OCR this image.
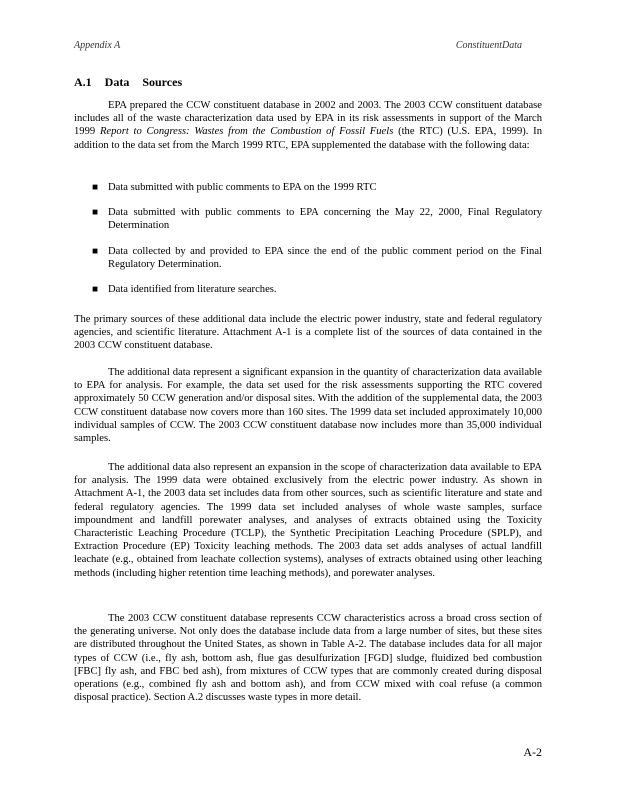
Appendix A	ConstituentData
A.1 Data Sources
EPA prepared the CCW constituent database in 2002 and 2003. The 2003 CCW constituent database includes all of the waste characterization data used by EPA in its risk assessments in support of the March 1999 Report to Congress: Wastes from the Combustion of Fossil Fuels (the RTC) (U.S. EPA, 1999). In addition to the data set from the March 1999 RTC, EPA supplemented the database with the following data:
■ Data submitted with public comments to EPA on the 1999 RTC
■ Data submitted with public comments to EPA concerning the May 22, 2000, Final Regulatory Determination
■ Data collected by and provided to EPA since the end of the public comment period on the Final Regulatory Determination.
■ Data identified from literature searches.
The primary sources of these additional data include the electric power industry, state and federal regulatory agencies, and scientific literature. Attachment A-1 is a complete list of the sources of data contained in the 2003 CCW constituent database.
The additional data represent a significant expansion in the quantity of characterization data available to EPA for analysis. For example, the data set used for the risk assessments supporting the RTC covered approximately 50 CCW generation and/or disposal sites. With the addition of the supplemental data, the 2003 CCW constituent database now covers more than 160 sites. The 1999 data set included approximately 10,000 individual samples of CCW. The 2003 CCW constituent database now includes more than 35,000 individual samples.
The additional data also represent an expansion in the scope of characterization data available to EPA for analysis. The 1999 data were obtained exclusively from the electric power industry. As shown in Attachment A-1, the 2003 data set includes data from other sources, such as scientific literature and state and federal regulatory agencies. The 1999 data set included analyses of whole waste samples, surface impoundment and landfill porewater analyses, and analyses of extracts obtained using the Toxicity Characteristic Leaching Procedure (TCLP), the Synthetic Precipitation Leaching Procedure (SPLP), and Extraction Procedure (EP) Toxicity leaching methods. The 2003 data set adds analyses of actual landfill leachate (e.g., obtained from leachate collection systems), analyses of extracts obtained using other leaching methods (including higher retention time leaching methods), and porewater analyses.
The 2003 CCW constituent database represents CCW characteristics across a broad cross section of the generating universe. Not only does the database include data from a large number of sites, but these sites are distributed throughout the United States, as shown in Table A-2. The database includes data for all major types of CCW (i.e., fly ash, bottom ash, flue gas desulfurization [FGD] sludge, fluidized bed combustion [FBC] fly ash, and FBC bed ash), from mixtures of CCW types that are commonly created during disposal operations (e.g., combined fly ash and bottom ash), and from CCW mixed with coal refuse (a common disposal practice). Section A.2 discusses waste types in more detail.
A-2
